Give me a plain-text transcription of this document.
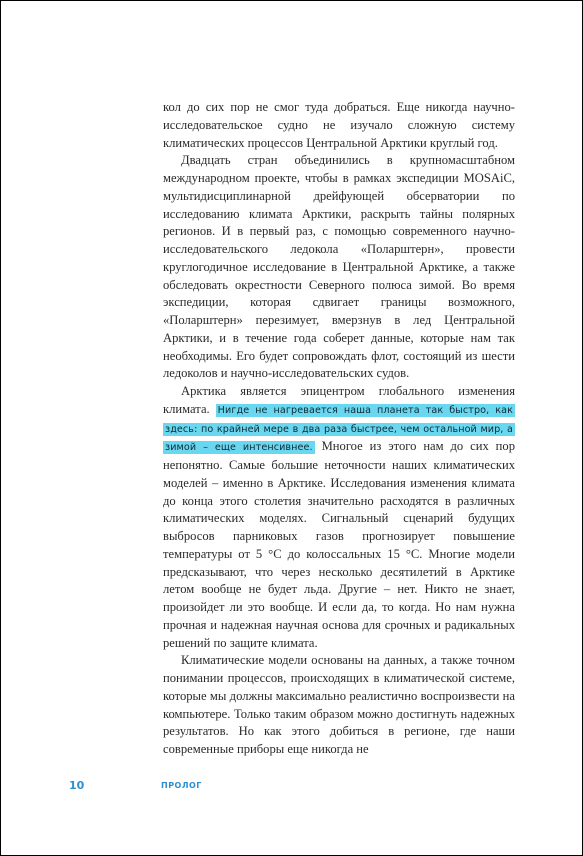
кол до сих пор не смог туда добраться. Еще никогда научно-исследовательское судно не изучало сложную систему климатических процессов Центральной Арктики круглый год.

Двадцать стран объединились в крупномасштабном международном проекте, чтобы в рамках экспедиции MOSAiC, мультидисциплинарной дрейфующей обсерватории по исследованию климата Арктики, раскрыть тайны полярных регионов. И в первый раз, с помощью современного научно-исследовательского ледокола «Поларштерн», провести круглогодичное исследование в Центральной Арктике, а также обследовать окрестности Северного полюса зимой. Во время экспедиции, которая сдвигает границы возможного, «Поларштерн» перезимует, вмерзнув в лед Центральной Арктики, и в течение года соберет данные, которые нам так необходимы. Его будет сопровождать флот, состоящий из шести ледоколов и научно-исследовательских судов.

Арктика является эпицентром глобального изменения климата. Нигде не нагревается наша планета так быстро, как здесь: по крайней мере в два раза быстрее, чем остальной мир, а зимой – еще интенсивнее. Многое из этого нам до сих пор непонятно. Самые большие неточности наших климатических моделей – именно в Арктике. Исследования изменения климата до конца этого столетия значительно расходятся в различных климатических моделях. Сигнальный сценарий будущих выбросов парниковых газов прогнозирует повышение температуры от 5 °C до колоссальных 15 °C. Многие модели предсказывают, что через несколько десятилетий в Арктике летом вообще не будет льда. Другие – нет. Никто не знает, произойдет ли это вообще. И если да, то когда. Но нам нужна прочная и надежная научная основа для срочных и радикальных решений по защите климата.

Климатические модели основаны на данных, а также точном понимании процессов, происходящих в климатической системе, которые мы должны максимально реалистично воспроизвести на компьютере. Только таким образом можно достигнуть надежных результатов. Но как этого добиться в регионе, где наши современные приборы еще никогда не

10	ПРОЛОГ
